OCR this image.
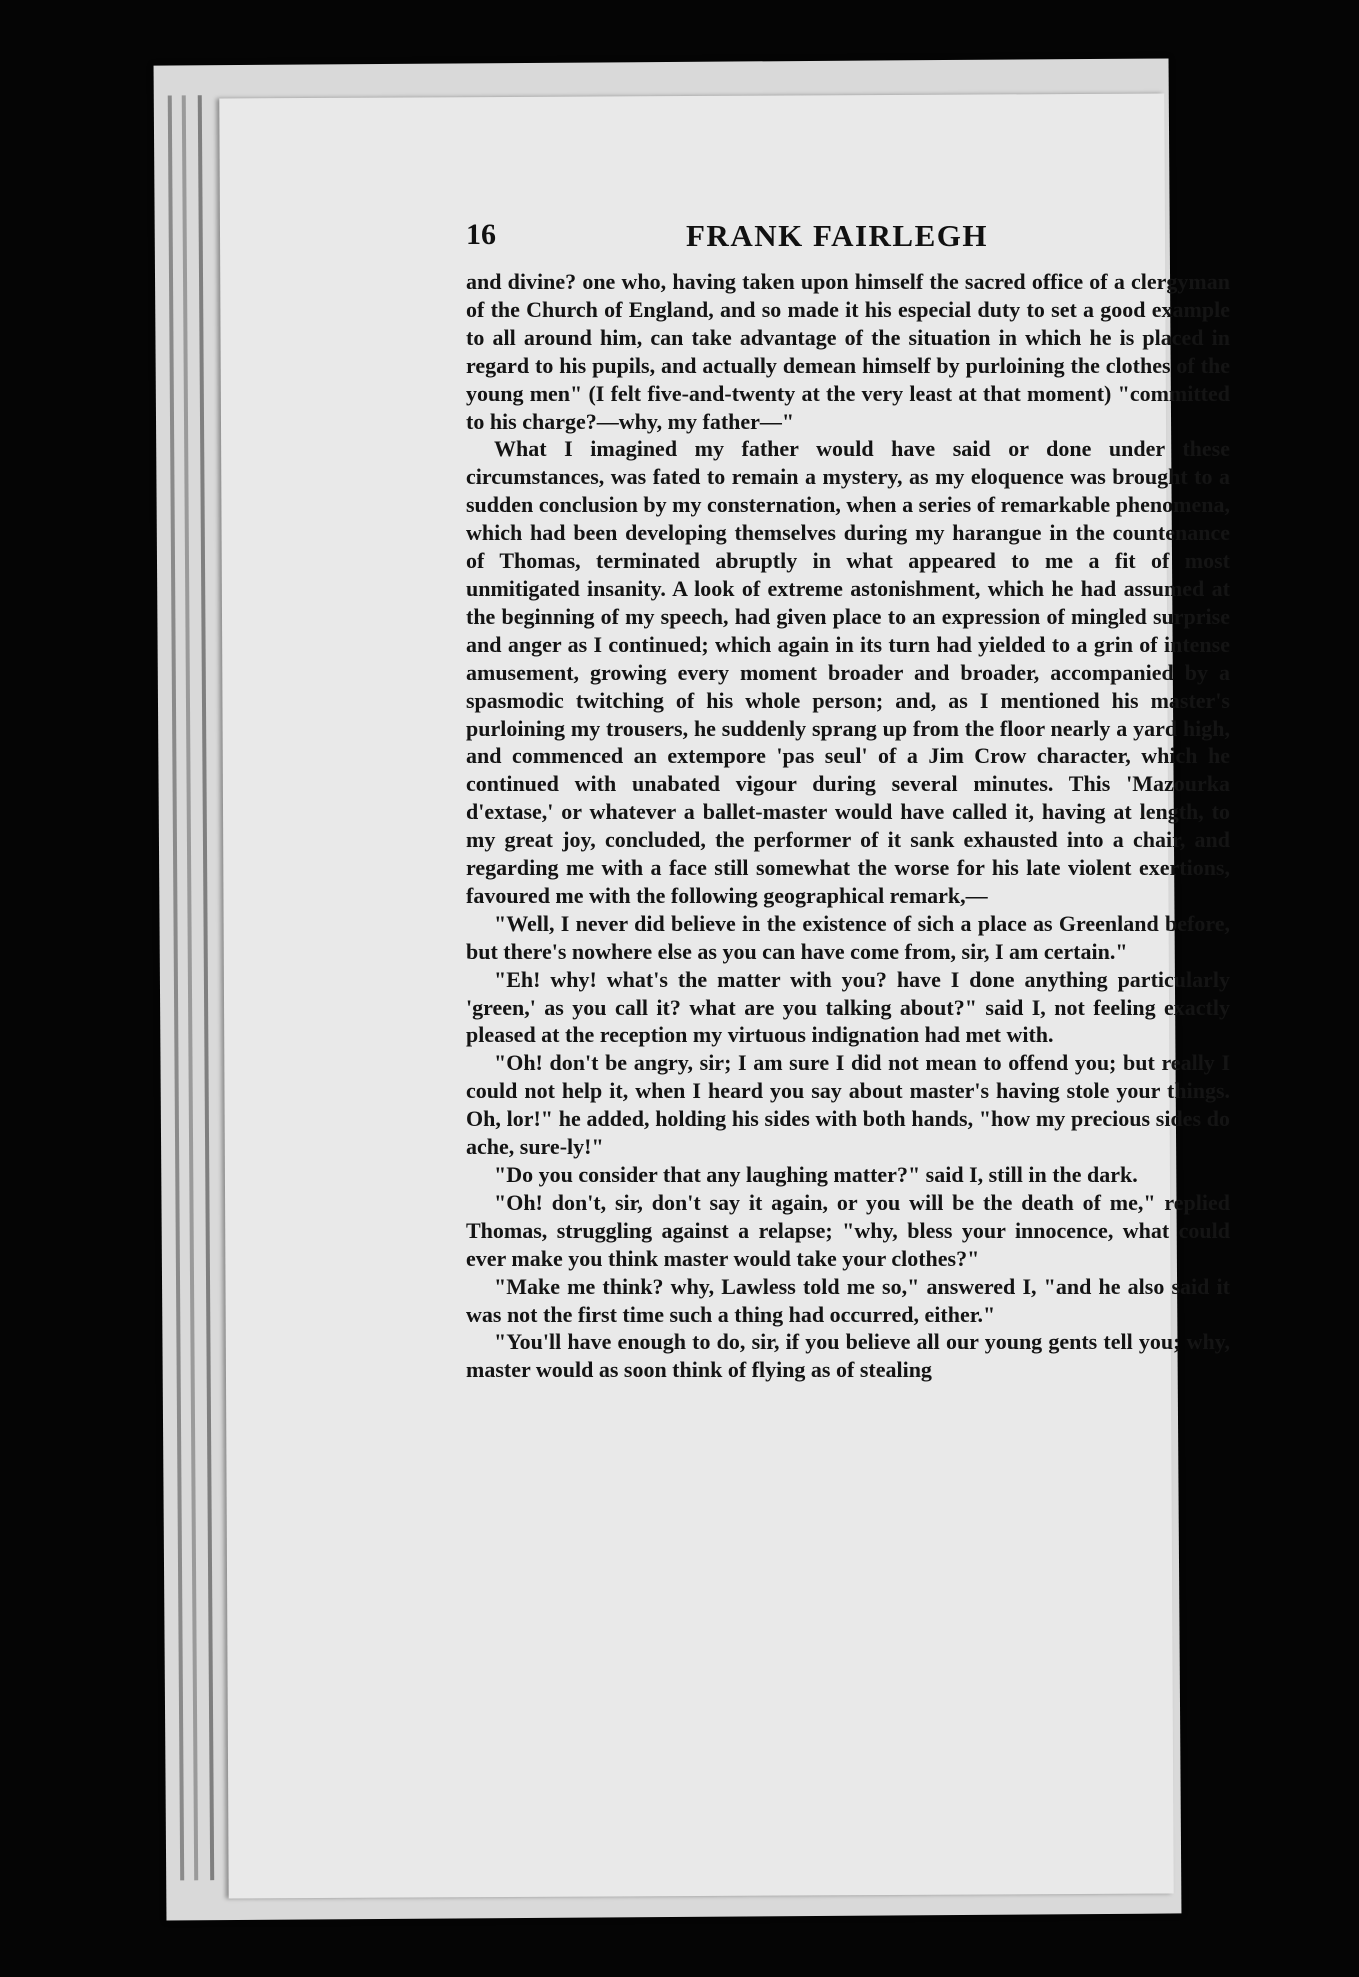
16	FRANK FAIRLEGH

and divine? one who, having taken upon himself the sacred office of a clergyman of the Church of England, and so made it his especial duty to set a good example to all around him, can take advantage of the situation in which he is placed in regard to his pupils, and actually demean himself by purloining the clothes of the young men" (I felt five-and-twenty at the very least at that moment) "committed to his charge?—why, my father—"

What I imagined my father would have said or done under these circumstances, was fated to remain a mystery, as my eloquence was brought to a sudden conclusion by my consternation, when a series of remarkable phenomena, which had been developing themselves during my harangue in the countenance of Thomas, terminated abruptly in what appeared to me a fit of most unmitigated insanity. A look of extreme astonishment, which he had assumed at the beginning of my speech, had given place to an expression of mingled surprise and anger as I continued; which again in its turn had yielded to a grin of intense amusement, growing every moment broader and broader, accompanied by a spasmodic twitching of his whole person; and, as I mentioned his master's purloining my trousers, he suddenly sprang up from the floor nearly a yard high, and commenced an extempore 'pas seul' of a Jim Crow character, which he continued with unabated vigour during several minutes. This 'Mazourka d'extase,' or whatever a ballet-master would have called it, having at length, to my great joy, concluded, the performer of it sank exhausted into a chair, and regarding me with a face still somewhat the worse for his late violent exertions, favoured me with the following geographical remark,—

"Well, I never did believe in the existence of sich a place as Greenland before, but there's nowhere else as you can have come from, sir, I am certain."

"Eh! why! what's the matter with you? have I done anything particularly 'green,' as you call it? what are you talking about?" said I, not feeling exactly pleased at the reception my virtuous indignation had met with.

"Oh! don't be angry, sir; I am sure I did not mean to offend you; but really I could not help it, when I heard you say about master's having stole your things. Oh, lor!" he added, holding his sides with both hands, "how my precious sides do ache, sure-ly!"

"Do you consider that any laughing matter?" said I, still in the dark.

"Oh! don't, sir, don't say it again, or you will be the death of me," replied Thomas, struggling against a relapse; "why, bless your innocence, what could ever make you think master would take your clothes?"

"Make me think? why, Lawless told me so," answered I, "and he also said it was not the first time such a thing had occurred, either."

"You'll have enough to do, sir, if you believe all our young gents tell you; why, master would as soon think of flying as of stealing
